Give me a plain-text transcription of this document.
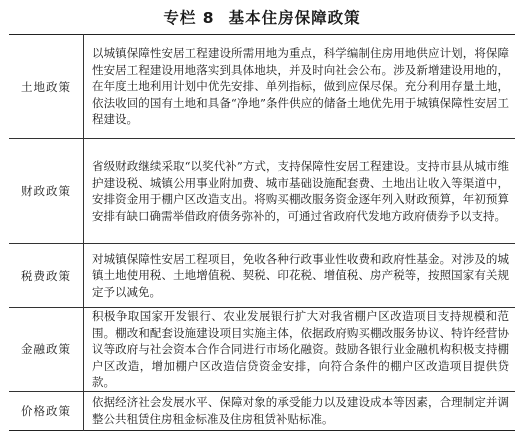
专栏 8 基本住房保障政策
土地政策	以城镇保障性安居工程建设所需用地为重点，科学编制住房用地供应计划，将保障性安居工程建设用地落实到具体地块，并及时向社会公布。涉及新增建设用地的，在年度土地利用计划中优先安排、单列指标，做到应保尽保。充分利用存量土地，依法收回的国有土地和具备“净地”条件供应的储备土地优先用于城镇保障性安居工程建设。
财政政策	省级财政继续采取“以奖代补”方式，支持保障性安居工程建设。支持市县从城市维护建设税、城镇公用事业附加费、城市基础设施配套费、土地出让收入等渠道中，安排资金用于棚户区改造支出。将购买棚改服务资金逐年列入财政预算，年初预算安排有缺口确需举借政府债务弥补的，可通过省政府代发地方政府债券予以支持。
税费政策	对城镇保障性安居工程项目，免收各种行政事业性收费和政府性基金。对涉及的城镇土地使用税、土地增值税、契税、印花税、增值税、房产税等，按照国家有关规定予以减免。
金融政策	积极争取国家开发银行、农业发展银行扩大对我省棚户区改造项目支持规模和范围。棚改和配套设施建设项目实施主体，依据政府购买棚改服务协议、特许经营协议等政府与社会资本合作合同进行市场化融资。鼓励各银行业金融机构积极支持棚户区改造，增加棚户区改造信贷资金安排，向符合条件的棚户区改造项目提供贷款。
价格政策	依据经济社会发展水平、保障对象的承受能力以及建设成本等因素，合理制定并调整公共租赁住房租金标准及住房租赁补贴标准。
